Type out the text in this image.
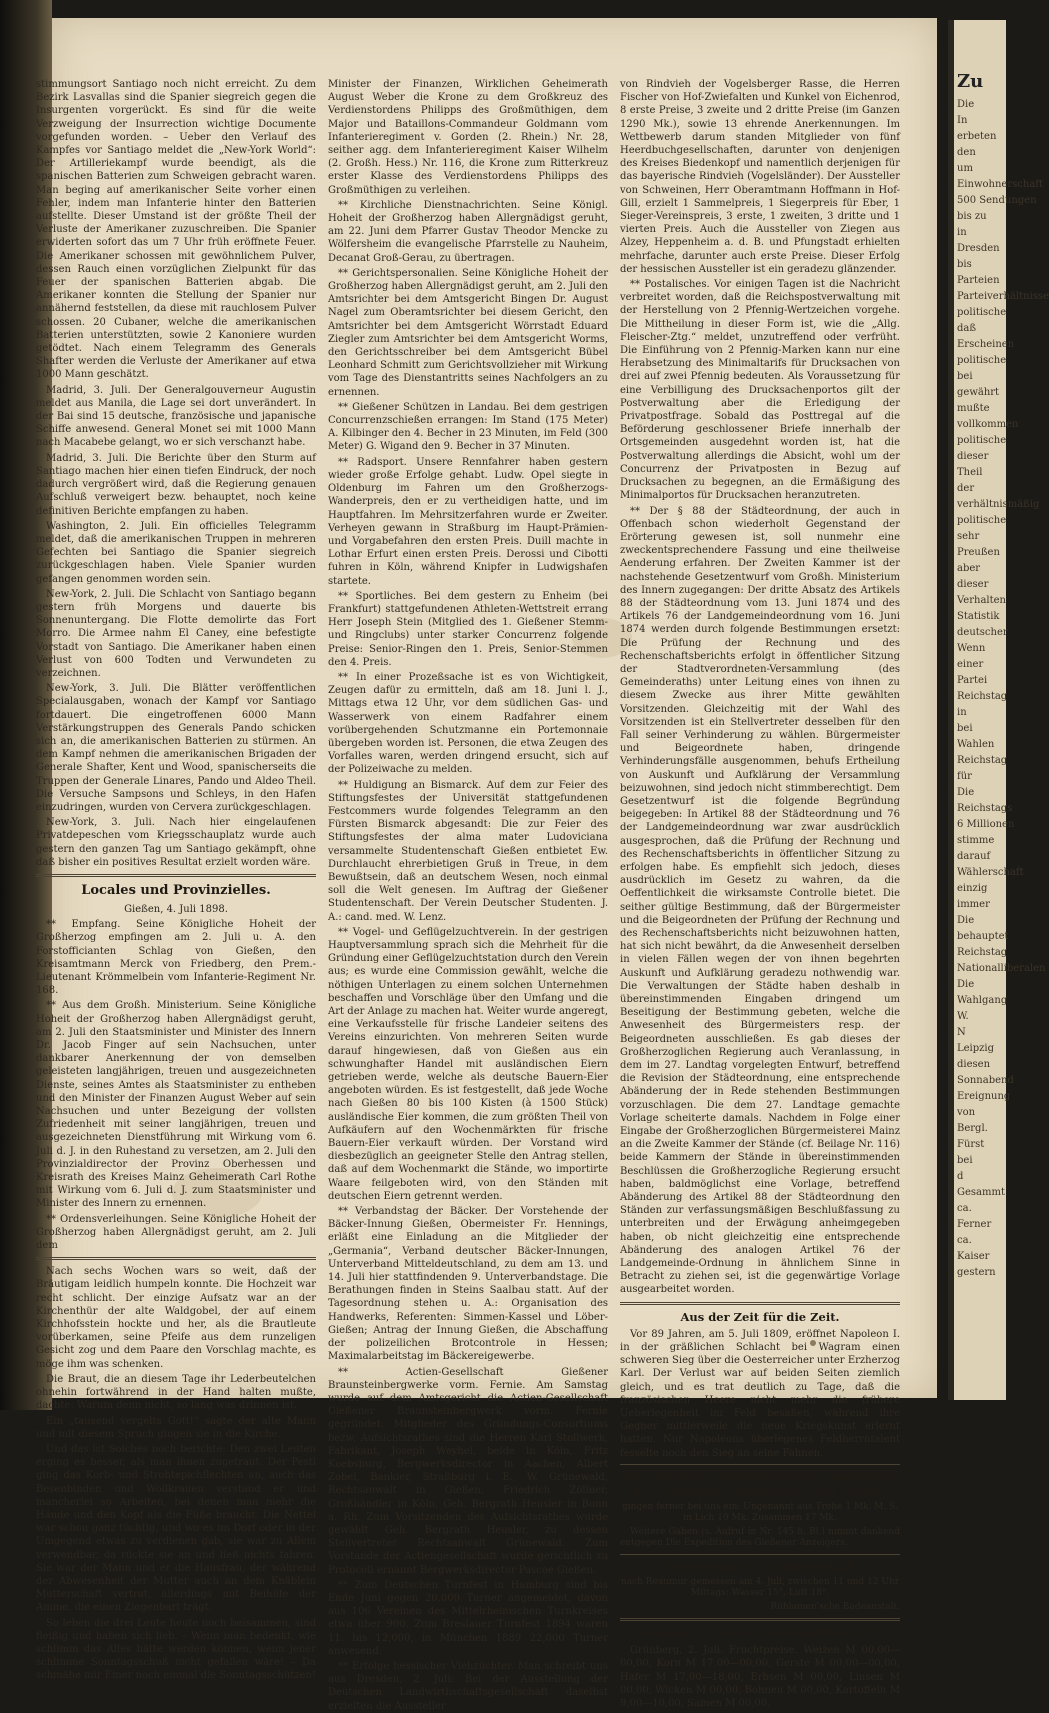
stimmungsort Santiago noch nicht erreicht. Zu dem Bezirk Lasvallas sind die Spanier siegreich gegen die Insurgenten vorgerückt. Es sind für die weite Verzweigung der Insurrection wichtige Documente vorgefunden worden. – Ueber den Verlauf des Kampfes vor Santiago meldet die „New-York World“: Der Artilleriekampf wurde beendigt, als die spanischen Batterien zum Schweigen gebracht waren. Man beging auf amerikanischer Seite vorher einen Fehler, indem man Infanterie hinter den Batterien aufstellte. Dieser Umstand ist der größte Theil der Verluste der Amerikaner zuzuschreiben. Die Spanier erwiderten sofort das um 7 Uhr früh eröffnete Feuer. Die Amerikaner schossen mit gewöhnlichem Pulver, dessen Rauch einen vorzüglichen Zielpunkt für das Feuer der spanischen Batterien abgab. Die Amerikaner konnten die Stellung der Spanier nur annähernd feststellen, da diese mit rauchlosem Pulver schossen. 20 Cubaner, welche die amerikanischen Batterien unterstützten, sowie 2 Kanoniere wurden getödtet. Nach einem Telegramm des Generals Shafter werden die Verluste der Amerikaner auf etwa 1000 Mann geschätzt.

Madrid, 3. Juli. Der Generalgouverneur Augustin meldet aus Manila, die Lage sei dort unverändert. In der Bai sind 15 deutsche, französische und japanische Schiffe anwesend. General Monet sei mit 1000 Mann nach Macabebe gelangt, wo er sich verschanzt habe.

Madrid, 3. Juli. Die Berichte über den Sturm auf Santiago machen hier einen tiefen Eindruck, der noch dadurch vergrößert wird, daß die Regierung genauen Aufschluß verweigert bezw. behauptet, noch keine definitiven Berichte empfangen zu haben.

Washington, 2. Juli. Ein officielles Telegramm meldet, daß die amerikanischen Truppen in mehreren Gefechten bei Santiago die Spanier siegreich zurückgeschlagen haben. Viele Spanier wurden gefangen genommen worden sein.

New-York, 2. Juli. Die Schlacht von Santiago begann gestern früh Morgens und dauerte bis Sonnenuntergang. Die Flotte demolirte das Fort Morro. Die Armee nahm El Caney, eine befestigte Vorstadt von Santiago. Die Amerikaner haben einen Verlust von 600 Todten und Verwundeten zu verzeichnen.

New-York, 3. Juli. Die Blätter veröffentlichen Specialausgaben, wonach der Kampf vor Santiago fortdauert. Die eingetroffenen 6000 Mann Verstärkungstruppen des Generals Pando schicken sich an, die amerikanischen Batterien zu stürmen. An dem Kampf nehmen die amerikanischen Brigaden der Generale Shafter, Kent und Wood, spanischerseits die Truppen der Generale Linares, Pando und Aldeo Theil. Die Versuche Sampsons und Schleys, in den Hafen einzudringen, wurden von Cervera zurückgeschlagen.

New-York, 3. Juli. Nach hier eingelaufenen Privatdepeschen vom Kriegsschauplatz wurde auch gestern den ganzen Tag um Santiago gekämpft, ohne daß bisher ein positives Resultat erzielt worden wäre.

Locales und Provinzielles.
Gießen, 4. Juli 1898.

** Empfang. Seine Königliche Hoheit der Großherzog empfingen am 2. Juli u. A. den Forstofficianten Schlag von Gießen, den Kreisamtmann Merck von Friedberg, den Prem.-Lieutenant Krömmelbein vom Infanterie-Regiment Nr. 168.

** Aus dem Großh. Ministerium. Seine Königliche Hoheit der Großherzog haben Allergnädigst geruht, am 2. Juli den Staatsminister und Minister des Innern Dr. Jacob Finger auf sein Nachsuchen, unter dankbarer Anerkennung der von demselben geleisteten langjährigen, treuen und ausgezeichneten Dienste, seines Amtes als Staatsminister zu entheben und den Minister der Finanzen August Weber auf sein Nachsuchen und unter Bezeigung der vollsten Zufriedenheit mit seiner langjährigen, treuen und ausgezeichneten Dienstführung mit Wirkung vom 6. Juli d. J. in den Ruhestand zu versetzen, am 2. Juli den Provinzialdirector der Provinz Oberhessen und Kreisrath des Kreises Mainz Geheimerath Carl Rothe mit Wirkung vom 6. Juli d. J. zum Staatsminister und Minister des Innern zu ernennen.

** Ordensverleihungen. Seine Königliche Hoheit der Großherzog haben Allergnädigst geruht, am 2. Juli dem

Nach sechs Wochen wars so weit, daß der Bräutigam leidlich humpeln konnte. Die Hochzeit war recht schlicht. Der einzige Aufsatz war an der Kirchenthür der alte Waldgobel, der auf einem Kirchhofsstein hockte und her, als die Brautleute vorüberkamen, seine Pfeife aus dem runzeligen Gesicht zog und dem Paare den Vorschlag machte, es möge ihm was schenken.

Die Braut, die an diesem Tage ihr Lederbeutelchen ohnehin fortwährend in der Hand halten mußte, dachte: Warum denn nicht, so lang was drinnen ist.

Ein „tausend vergelts Gott!“ sagte der alte Mann und mit diesem Spruch gingen sie in die Kirche.

Und das ist Solches noch berichte: Den zwei Leuten erging es besser, als man ihnen zugetraut. Der Pestl ging das Korb- und Strohtepichflechten an, auch das Besenbinden und Wollkrauen verstand er und mancherlei so Arbeiten, bei denen man mehr die Hände und den Kopf als die Füße braucht. Die Nettel war schon ganz tüchtig, und wo es im Dorf oder in der Umgegend etwas zu verdienen gab, sie war zu Allem verwendbar, da rückte sie an und ließ nichts fahren. Sie war der Mann und er die Hausfrau, der während der Abwesenheit der Mutter auch an dem Knäblein Mutterschaft vertrat, allerdings mit Beihilfe der Amme, die einen Ziegenbart trägt.

So leben die drei Leute heute noch beisammen, sind fleißig und haben sich lieb. – Wenn man bedenkt, wie schlimm das Alles hätte werden können, wenn jener schlimme Sonntagsschuß nicht gefallen wäre! – Da schmähe mir Einer noch einmal die Sonntagsschützen!

Minister der Finanzen, Wirklichen Geheimerath August Weber die Krone zu dem Großkreuz des Verdienstordens Philipps des Großmüthigen, dem Major und Bataillons-Commandeur Goldmann vom Infanterieregiment v. Gorden (2. Rhein.) Nr. 28, seither agg. dem Infanterieregiment Kaiser Wilhelm (2. Großh. Hess.) Nr. 116, die Krone zum Ritterkreuz erster Klasse des Verdienstordens Philipps des Großmüthigen zu verleihen.

** Kirchliche Dienstnachrichten. Seine Königl. Hoheit der Großherzog haben Allergnädigst geruht, am 22. Juni dem Pfarrer Gustav Theodor Mencke zu Wölfersheim die evangelische Pfarrstelle zu Nauheim, Decanat Groß-Gerau, zu übertragen.

** Gerichtspersonalien. Seine Königliche Hoheit der Großherzog haben Allergnädigst geruht, am 2. Juli den Amtsrichter bei dem Amtsgericht Bingen Dr. August Nagel zum Oberamtsrichter bei diesem Gericht, den Amtsrichter bei dem Amtsgericht Wörrstadt Eduard Ziegler zum Amtsrichter bei dem Amtsgericht Worms, den Gerichtsschreiber bei dem Amtsgericht Bübel Leonhard Schmitt zum Gerichtsvollzieher mit Wirkung vom Tage des Dienstantritts seines Nachfolgers an zu ernennen.

** Gießener Schützen in Landau. Bei dem gestrigen Concurrenzschießen errangen: Im Stand (175 Meter) A. Kilbinger den 4. Becher in 23 Minuten, im Feld (300 Meter) G. Wigand den 9. Becher in 37 Minuten.

** Radsport. Unsere Rennfahrer haben gestern wieder große Erfolge gehabt. Ludw. Opel siegte in Oldenburg im Fahren um den Großherzogs-Wanderpreis, den er zu vertheidigen hatte, und im Hauptfahren. Im Mehrsitzerfahren wurde er Zweiter. Verheyen gewann in Straßburg im Haupt-Prämien- und Vorgabefahren den ersten Preis. Duill machte in Lothar Erfurt einen ersten Preis. Derossi und Cibotti fuhren in Köln, während Knipfer in Ludwigshafen startete.

** Sportliches. Bei dem gestern zu Enheim (bei Frankfurt) stattgefundenen Athleten-Wettstreit errang Herr Joseph Stein (Mitglied des 1. Gießener Stemm- und Ringclubs) unter starker Concurrenz folgende Preise: Senior-Ringen den 1. Preis, Senior-Stemmen den 4. Preis.

** In einer Prozeßsache ist es von Wichtigkeit, Zeugen dafür zu ermitteln, daß am 18. Juni l. J., Mittags etwa 12 Uhr, vor dem südlichen Gas- und Wasserwerk von einem Radfahrer einem vorübergehenden Schutzmanne ein Portemonnaie übergeben worden ist. Personen, die etwa Zeugen des Vorfalles waren, werden dringend ersucht, sich auf der Polizeiwache zu melden.

** Huldigung an Bismarck. Auf dem zur Feier des Stiftungsfestes der Universität stattgefundenen Festcommers wurde folgendes Telegramm an den Fürsten Bismarck abgesandt: Die zur Feier des Stiftungsfestes der alma mater Ludoviciana versammelte Studentenschaft Gießen entbietet Ew. Durchlaucht ehrerbietigen Gruß in Treue, in dem Bewußtsein, daß an deutschem Wesen, noch einmal soll die Welt genesen. Im Auftrag der Gießener Studentenschaft. Der Verein Deutscher Studenten. J. A.: cand. med. W. Lenz.

** Vogel- und Geflügelzuchtverein. In der gestrigen Hauptversammlung sprach sich die Mehrheit für die Gründung einer Geflügelzuchtstation durch den Verein aus; es wurde eine Commission gewählt, welche die nöthigen Unterlagen zu einem solchen Unternehmen beschaffen und Vorschläge über den Umfang und die Art der Anlage zu machen hat. Weiter wurde angeregt, eine Verkaufsstelle für frische Landeier seitens des Vereins einzurichten. Von mehreren Seiten wurde darauf hingewiesen, daß von Gießen aus ein schwunghafter Handel mit ausländischen Eiern getrieben werde, welche als deutsche Bauern-Eier angeboten würden. Es ist festgestellt, daß jede Woche nach Gießen 80 bis 100 Kisten (à 1500 Stück) ausländische Eier kommen, die zum größten Theil von Aufkäufern auf den Wochenmärkten für frische Bauern-Eier verkauft würden. Der Vorstand wird diesbezüglich an geeigneter Stelle den Antrag stellen, daß auf dem Wochenmarkt die Stände, wo importirte Waare feilgeboten wird, von den Ständen mit deutschen Eiern getrennt werden.

** Verbandstag der Bäcker. Der Vorstehende der Bäcker-Innung Gießen, Obermeister Fr. Hennings, erläßt eine Einladung an die Mitglieder der „Germania“, Verband deutscher Bäcker-Innungen, Unterverband Mitteldeutschland, zu dem am 13. und 14. Juli hier stattfindenden 9. Unterverbandstage. Die Berathungen finden in Steins Saalbau statt. Auf der Tagesordnung stehen u. A.: Organisation des Handwerks, Referenten: Simmen-Kassel und Löber-Gießen; Antrag der Innung Gießen, die Abschaffung der polizeilichen Brotcontrole in Hessen; Maximalarbeitstag im Bäckereigewerbe.

** Actien-Gesellschaft Gießener Braunsteinbergwerke vorm. Fernie. Am Samstag wurde auf dem Amtsgericht die Actien-Gesellschaft Gießener Braunsteinbergwerk vorm. Fernie gegründet. Mitglieder des Gründungs-Consortiums bezw. Aufsichtsrathes sind die Herren Karl Stollwerk, Fabrikant, Joseph Weyhel, beide in Köln, Fritz Koebsburg, Bergwerksdirector in Aachen, Albert Zobel, Bankier, Straßburg i. E., W. Grünewald, Rechtsanwalt in Gießen, Friedrich Zöllner, Großhändler in Köln, Geh. Bergrath Heusler in Bonn a. Rh. Zum Vorsitzenden des Aufsichtsrathes wurde gewählt Geh. Bergrath Heusler, zu dessen Stellvertreter Rechtsanwalt Grünewald. Zum Vorstande der Actiengesellschaft wurde gerichtlich zu Protocoll ernannt Bergwerksdirector Pascoe Gießen.

** Zum Deutschen Turnfest in Hamburg sind bis Ende Juni gegen 20,000 Turner angemeldet, davon aus 106 Vereinen des Mittelrheinischen Turnkreises etwa über 900. Zum Breslauer Turnfest 1894 waren 11. bis 12,000, in München 1889 22,000 Turner anwesend.

** Erfolge hessischer Viehzüchter. Man schreibt uns aus Dresden, 2. Juli: Bei der Ausstellung der Deutschen Landwirthschaftsgesellschaft daselbst erzielten die Aussteller

von Rindvieh der Vogelsberger Rasse, die Herren Fischer von Hof-Zwiefalten und Kunkel von Eichenrod, 8 erste Preise, 3 zweite und 2 dritte Preise (im Ganzen 1290 Mk.), sowie 13 ehrende Anerkennungen. Im Wettbewerb darum standen Mitglieder von fünf Heerdbuchgesellschaften, darunter von denjenigen des Kreises Biedenkopf und namentlich derjenigen für das bayerische Rindvieh (Vogelsländer). Der Aussteller von Schweinen, Herr Oberamtmann Hoffmann in Hof-Gill, erzielt 1 Sammelpreis, 1 Siegerpreis für Eber, 1 Sieger-Vereinspreis, 3 erste, 1 zweiten, 3 dritte und 1 vierten Preis. Auch die Aussteller von Ziegen aus Alzey, Heppenheim a. d. B. und Pfungstadt erhielten mehrfache, darunter auch erste Preise. Dieser Erfolg der hessischen Aussteller ist ein geradezu glänzender.

** Postalisches. Vor einigen Tagen ist die Nachricht verbreitet worden, daß die Reichspostverwaltung mit der Herstellung von 2 Pfennig-Wertzeichen vorgehe. Die Mittheilung in dieser Form ist, wie die „Allg. Fleischer-Ztg.“ meldet, unzutreffend oder verfrüht. Die Einführung von 2 Pfennig-Marken kann nur eine Herabsetzung des Minimaltarifs für Drucksachen von drei auf zwei Pfennig bedeuten. Als Voraussetzung für eine Verbilligung des Drucksachenportos gilt der Postverwaltung aber die Erledigung der Privatpostfrage. Sobald das Posttregal auf die Beförderung geschlossener Briefe innerhalb der Ortsgemeinden ausgedehnt worden ist, hat die Postverwaltung allerdings die Absicht, wohl um der Concurrenz der Privatposten in Bezug auf Drucksachen zu begegnen, an die Ermäßigung des Minimalportos für Drucksachen heranzutreten.

** Der § 88 der Städteordnung, der auch in Offenbach schon wiederholt Gegenstand der Erörterung gewesen ist, soll nunmehr eine zweckentsprechendere Fassung und eine theilweise Aenderung erfahren. Der Zweiten Kammer ist der nachstehende Gesetzentwurf vom Großh. Ministerium des Innern zugegangen: Der dritte Absatz des Artikels 88 der Städteordnung vom 13. Juni 1874 und des Artikels 76 der Landgemeindeordnung vom 16. Juni 1874 werden durch folgende Bestimmungen ersetzt: Die Prüfung der Rechnung und des Rechenschaftsberichts erfolgt in öffentlicher Sitzung der Stadtverordneten-Versammlung (des Gemeinderaths) unter Leitung eines von ihnen zu diesem Zwecke aus ihrer Mitte gewählten Vorsitzenden. Gleichzeitig mit der Wahl des Vorsitzenden ist ein Stellvertreter desselben für den Fall seiner Verhinderung zu wählen. Bürgermeister und Beigeordnete haben, dringende Verhinderungsfälle ausgenommen, behufs Ertheilung von Auskunft und Aufklärung der Versammlung beizuwohnen, sind jedoch nicht stimmberechtigt. Dem Gesetzentwurf ist die folgende Begründung beigegeben: In Artikel 88 der Städteordnung und 76 der Landgemeindeordnung war zwar ausdrücklich ausgesprochen, daß die Prüfung der Rechnung und des Rechenschaftsberichts in öffentlicher Sitzung zu erfolgen habe. Es empfiehlt sich jedoch, dieses ausdrücklich im Gesetz zu wahren, da die Oeffentlichkeit die wirksamste Controlle bietet. Die seither gültige Bestimmung, daß der Bürgermeister und die Beigeordneten der Prüfung der Rechnung und des Rechenschaftsberichts nicht beizuwohnen hatten, hat sich nicht bewährt, da die Anwesenheit derselben in vielen Fällen wegen der von ihnen begehrten Auskunft und Aufklärung geradezu nothwendig war. Die Verwaltungen der Städte haben deshalb in übereinstimmenden Eingaben dringend um Beseitigung der Bestimmung gebeten, welche die Anwesenheit des Bürgermeisters resp. der Beigeordneten ausschließen. Es gab dieses der Großherzoglichen Regierung auch Veranlassung, in dem im 27. Landtag vorgelegten Entwurf, betreffend die Revision der Städteordnung, eine entsprechende Abänderung der in Rede stehenden Bestimmungen vorzuschlagen. Die dem 27. Landtage gemachte Vorlage scheiterte damals. Nachdem in Folge einer Eingabe der Großherzoglichen Bürgermeisterei Mainz an die Zweite Kammer der Stände (cf. Beilage Nr. 116) beide Kammern der Stände in übereinstimmenden Beschlüssen die Großherzogliche Regierung ersucht haben, baldmöglichst eine Vorlage, betreffend Abänderung des Artikel 88 der Städteordnung den Ständen zur verfassungsmäßigen Beschlußfassung zu unterbreiten und der Erwägung anheimgegeben haben, ob nicht gleichzeitig eine entsprechende Abänderung des analogen Artikel 76 der Landgemeinde-Ordnung in ähnlichem Sinne in Betracht zu ziehen sei, ist die gegenwärtige Vorlage ausgearbeitet worden.

Aus der Zeit für die Zeit.

Vor 89 Jahren, am 5. Juli 1809, eröffnet Napoleon I. in der gräßlichen Schlacht bei Wagram einen schweren Sieg über die Oesterreicher unter Erzherzog Karl. Der Verlust war auf beiden Seiten ziemlich gleich, und es trat deutlich zu Tage, daß die französischen Heere nicht mehr die frühere Ueberlegenheit im Feld besaßen, während ihre Gegner mittlerweile die neue Kriegskunst erlernt hatten. Nur Napoleons überlegenes Feldherrntalent fesselte noch den Sieg an seine Fahnen.

Für die durch Wolkenbruch Geschädigten des südlichen Odenwaldes (bei Erbach)

gingen ferner bei uns ein: Ungenannt aus Trohe 1 Mk. M. S. in Lich 10 Mk. Zusammen 17 Mk.

Weitere Gaben (s. Aufruf in Nr. 145 b. Bl.) nimmt dankend entgegen Die Expedition des Gießener Anzeigers.

Temperatur der Lahn und Luft

nach Reaumur gemessen am 4. Juli, zwischen 11 und 12 Uhr Mittags: Wasser 15°, Luft 18°.

Rühlamen'sche Badeanstalt.

Verkehr, Land- und Volkswirthschaft.

Grünberg, 2. Juli. Fruchtpreise. Weizen M 00,00—00,00, Korn M 17,00—00,00, Gerste M 00,00—00,00, Hafer M 17,00—18,00, Erbsen M 00,00, Linsen M 00,00, Wicken M 00,00, Bohnen M 00,00, Kartoffeln M 9,00—10,00, Samen M 00,00.

Zu
Die
In
erbeten
den
um
Einwohnerschaft
500 Sendungen
bis zu
in
Dresden
bis
Parteien
Parteiverhältnisse
politische
daß
Erscheinen
politische
bei
gewährt
mußte
vollkommen
politische
dieser
Theil
der
verhältnismäßig
politische
sehr
Preußen
aber
dieser
Verhalten
Statistik
deutscher
Wenn
einer
Partei
Reichstag
in
bei
Wahlen
Reichstag
für
Die
Reichstags
6 Millionen
stimme
darauf
Wählerschaft
einzig
immer
Die
behauptet
Reichstag
Nationalliberalen
Die
Wahlgang
W.
N
Leipzig
diesen
Sonnabend
Ereignung
von
Bergl.
Fürst
bei
d
Gesammt
ca.
Ferner
ca.
Kaiser
gestern
